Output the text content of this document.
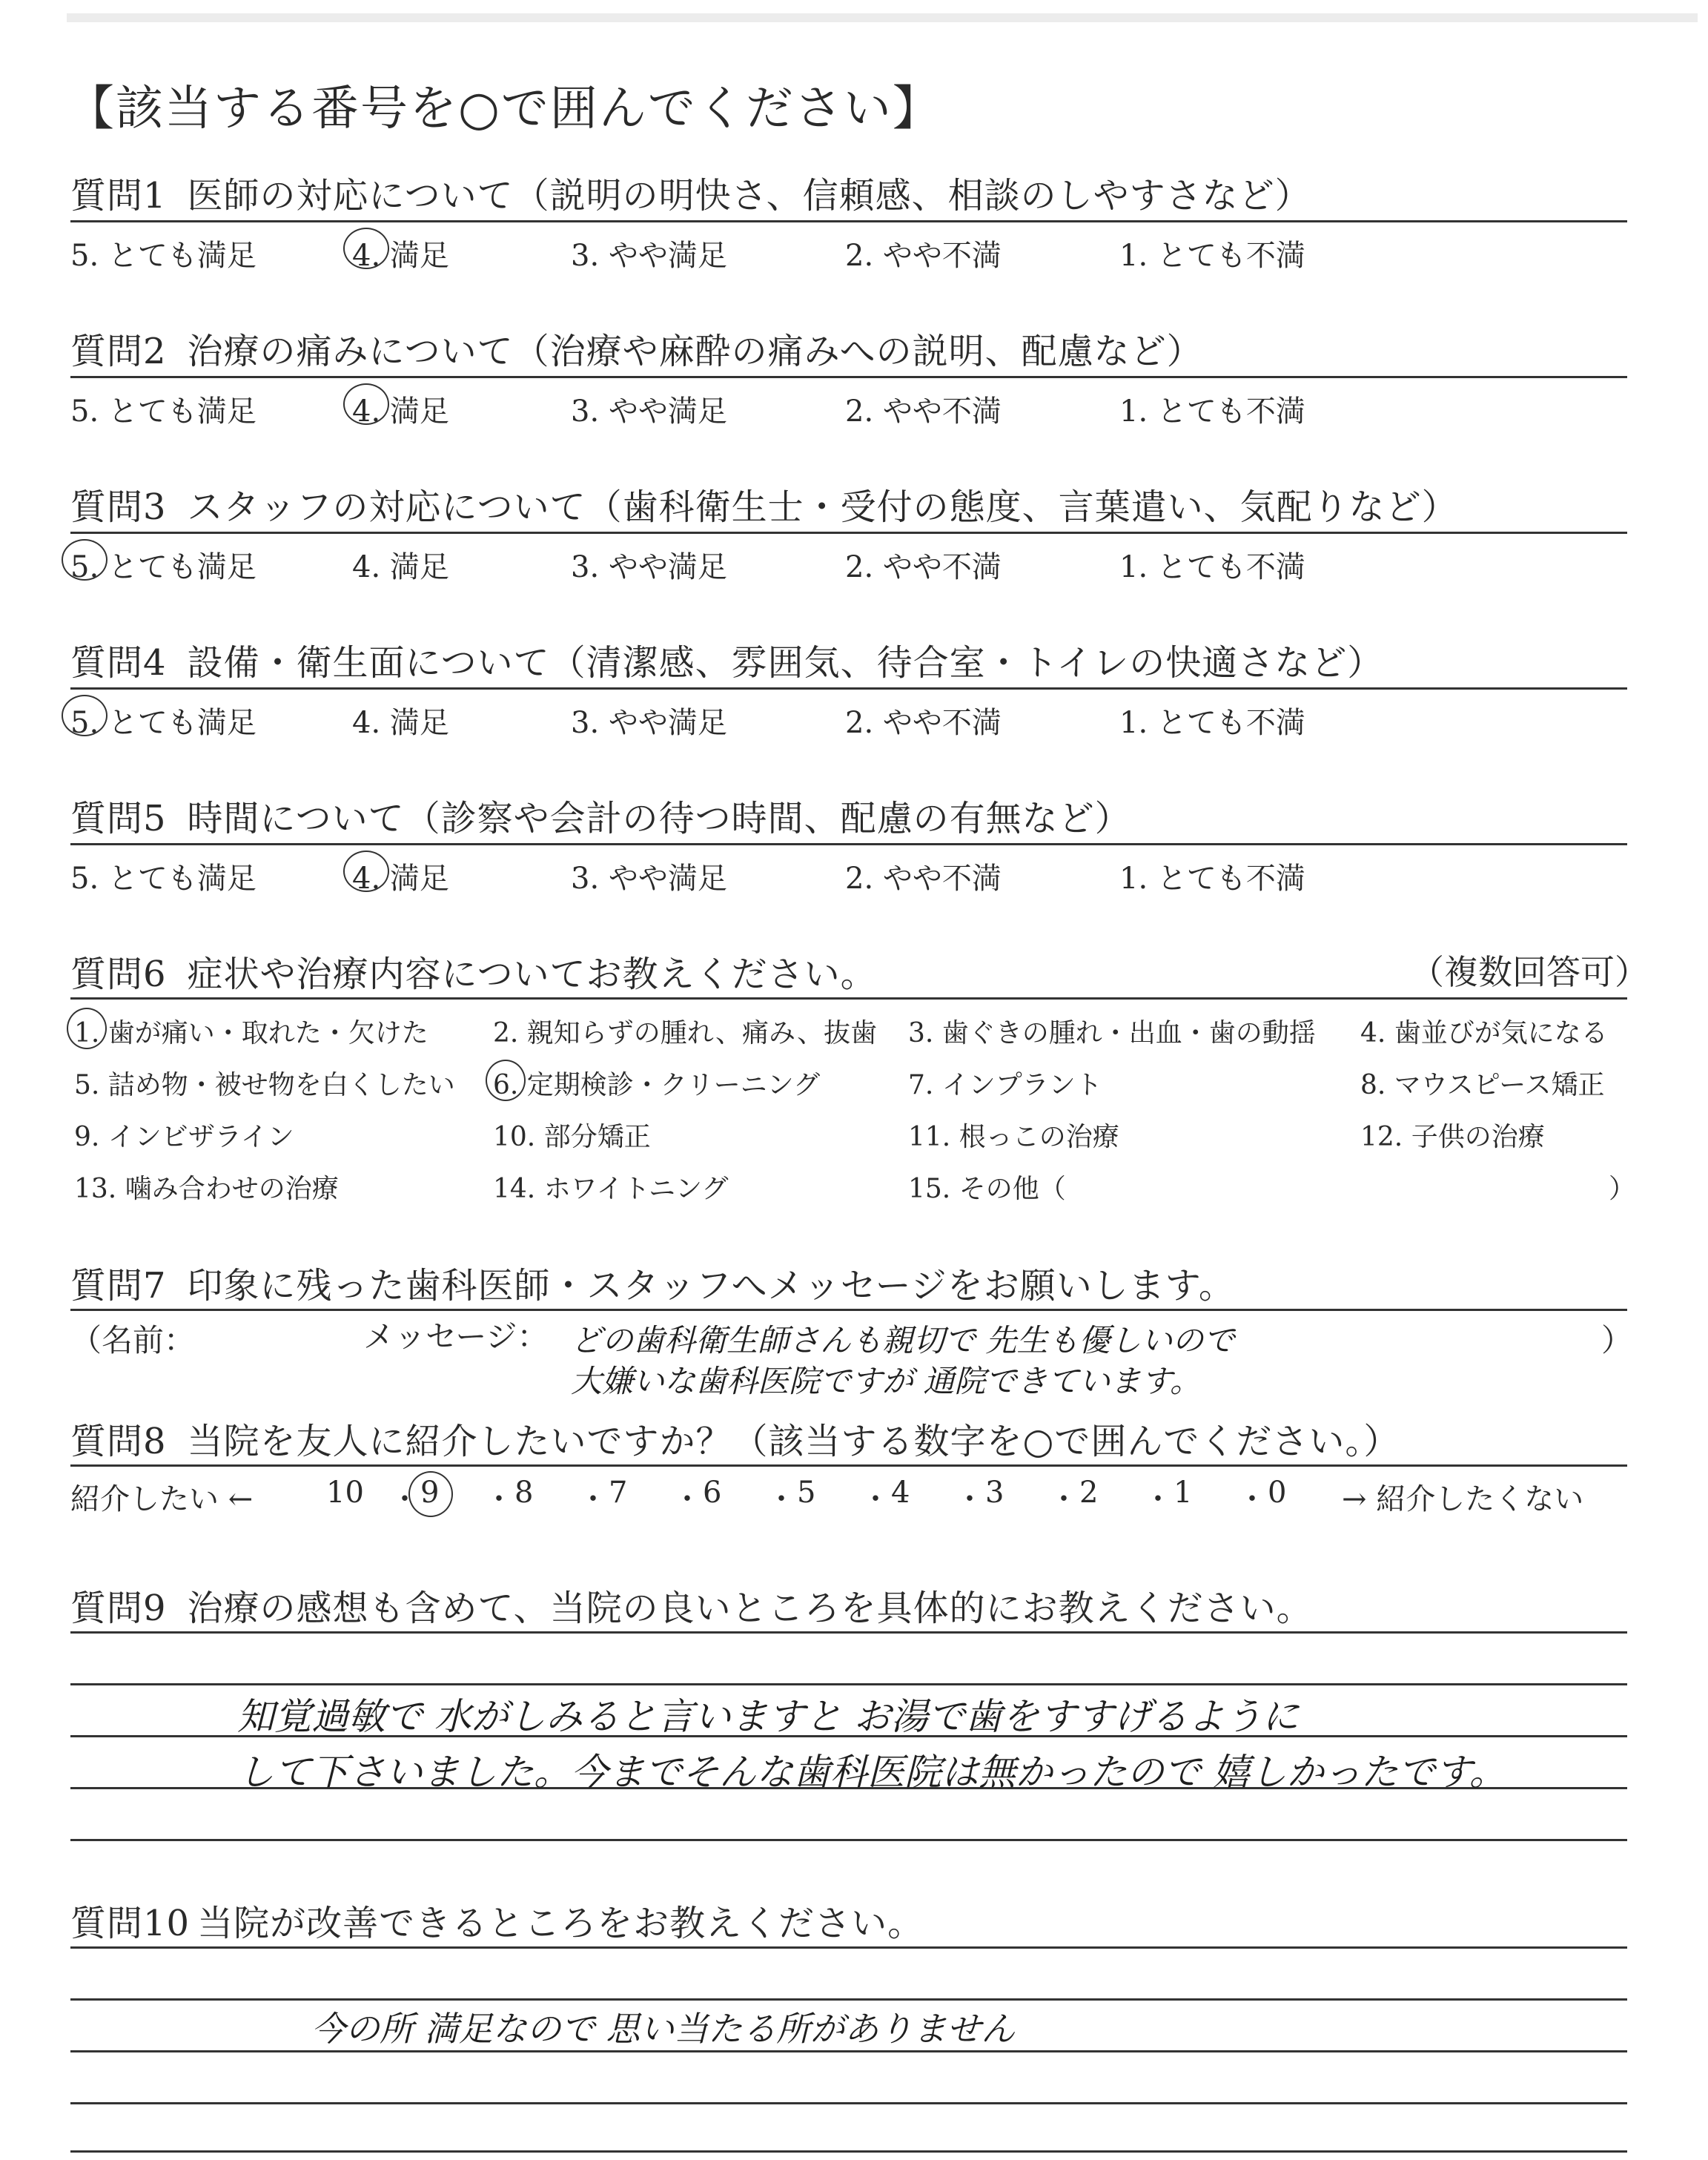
【該当する番号を○で囲んでください】
質問1 医師の対応について（説明の明快さ、信頼感、相談のしやすさなど）
5. とても満足	4. 満足	3. やや満足	2. やや不満	1. とても不満
質問2 治療の痛みについて（治療や麻酔の痛みへの説明、配慮など）
5. とても満足	4. 満足	3. やや満足	2. やや不満	1. とても不満
質問3 スタッフの対応について（歯科衛生士・受付の態度、言葉遣い、気配りなど）
5. とても満足	4. 満足	3. やや満足	2. やや不満	1. とても不満
質問4 設備・衛生面について（清潔感、雰囲気、待合室・トイレの快適さなど）
5. とても満足	4. 満足	3. やや満足	2. やや不満	1. とても不満
質問5 時間について（診察や会計の待つ時間、配慮の有無など）
5. とても満足	4. 満足	3. やや満足	2. やや不満	1. とても不満
質問6 症状や治療内容についてお教えください。	（複数回答可）
1. 歯が痛い・取れた・欠けた 2. 親知らずの腫れ、痛み、抜歯 3. 歯ぐきの腫れ・出血・歯の動揺 4. 歯並びが気になる
5. 詰め物・被せ物を白くしたい 6. 定期検診・クリーニング	7. インプラント	8. マウスピース矯正
9. インビザライン	10. 部分矯正	11. 根っこの治療	12. 子供の治療
13. 噛み合わせの治療	14. ホワイトニング	15. その他（	）
質問7 印象に残った歯科医師・スタッフへメッセージをお願いします。
（名前：	メッセージ：	）
どの歯科衛生師さんも親切で 先生も優しいので
大嫌いな歯科医院ですが 通院できています。
質問8 当院を友人に紹介したいですか？（該当する数字を○で囲んでください。）
紹介したい ←	→ 紹介したくない
10 ・ 9 ・ 8 ・ 7 ・ 6 ・ 5 ・ 4 ・ 3 ・ 2 ・ 1 ・ 0
質問9 治療の感想も含めて、当院の良いところを具体的にお教えください。
知覚過敏で 水がしみると言いますと お湯で歯をすすげるように
して下さいました。今までそんな歯科医院は無かったので 嬉しかったです。
質問10 当院が改善できるところをお教えください。
今の所 満足なので 思い当たる所がありません
